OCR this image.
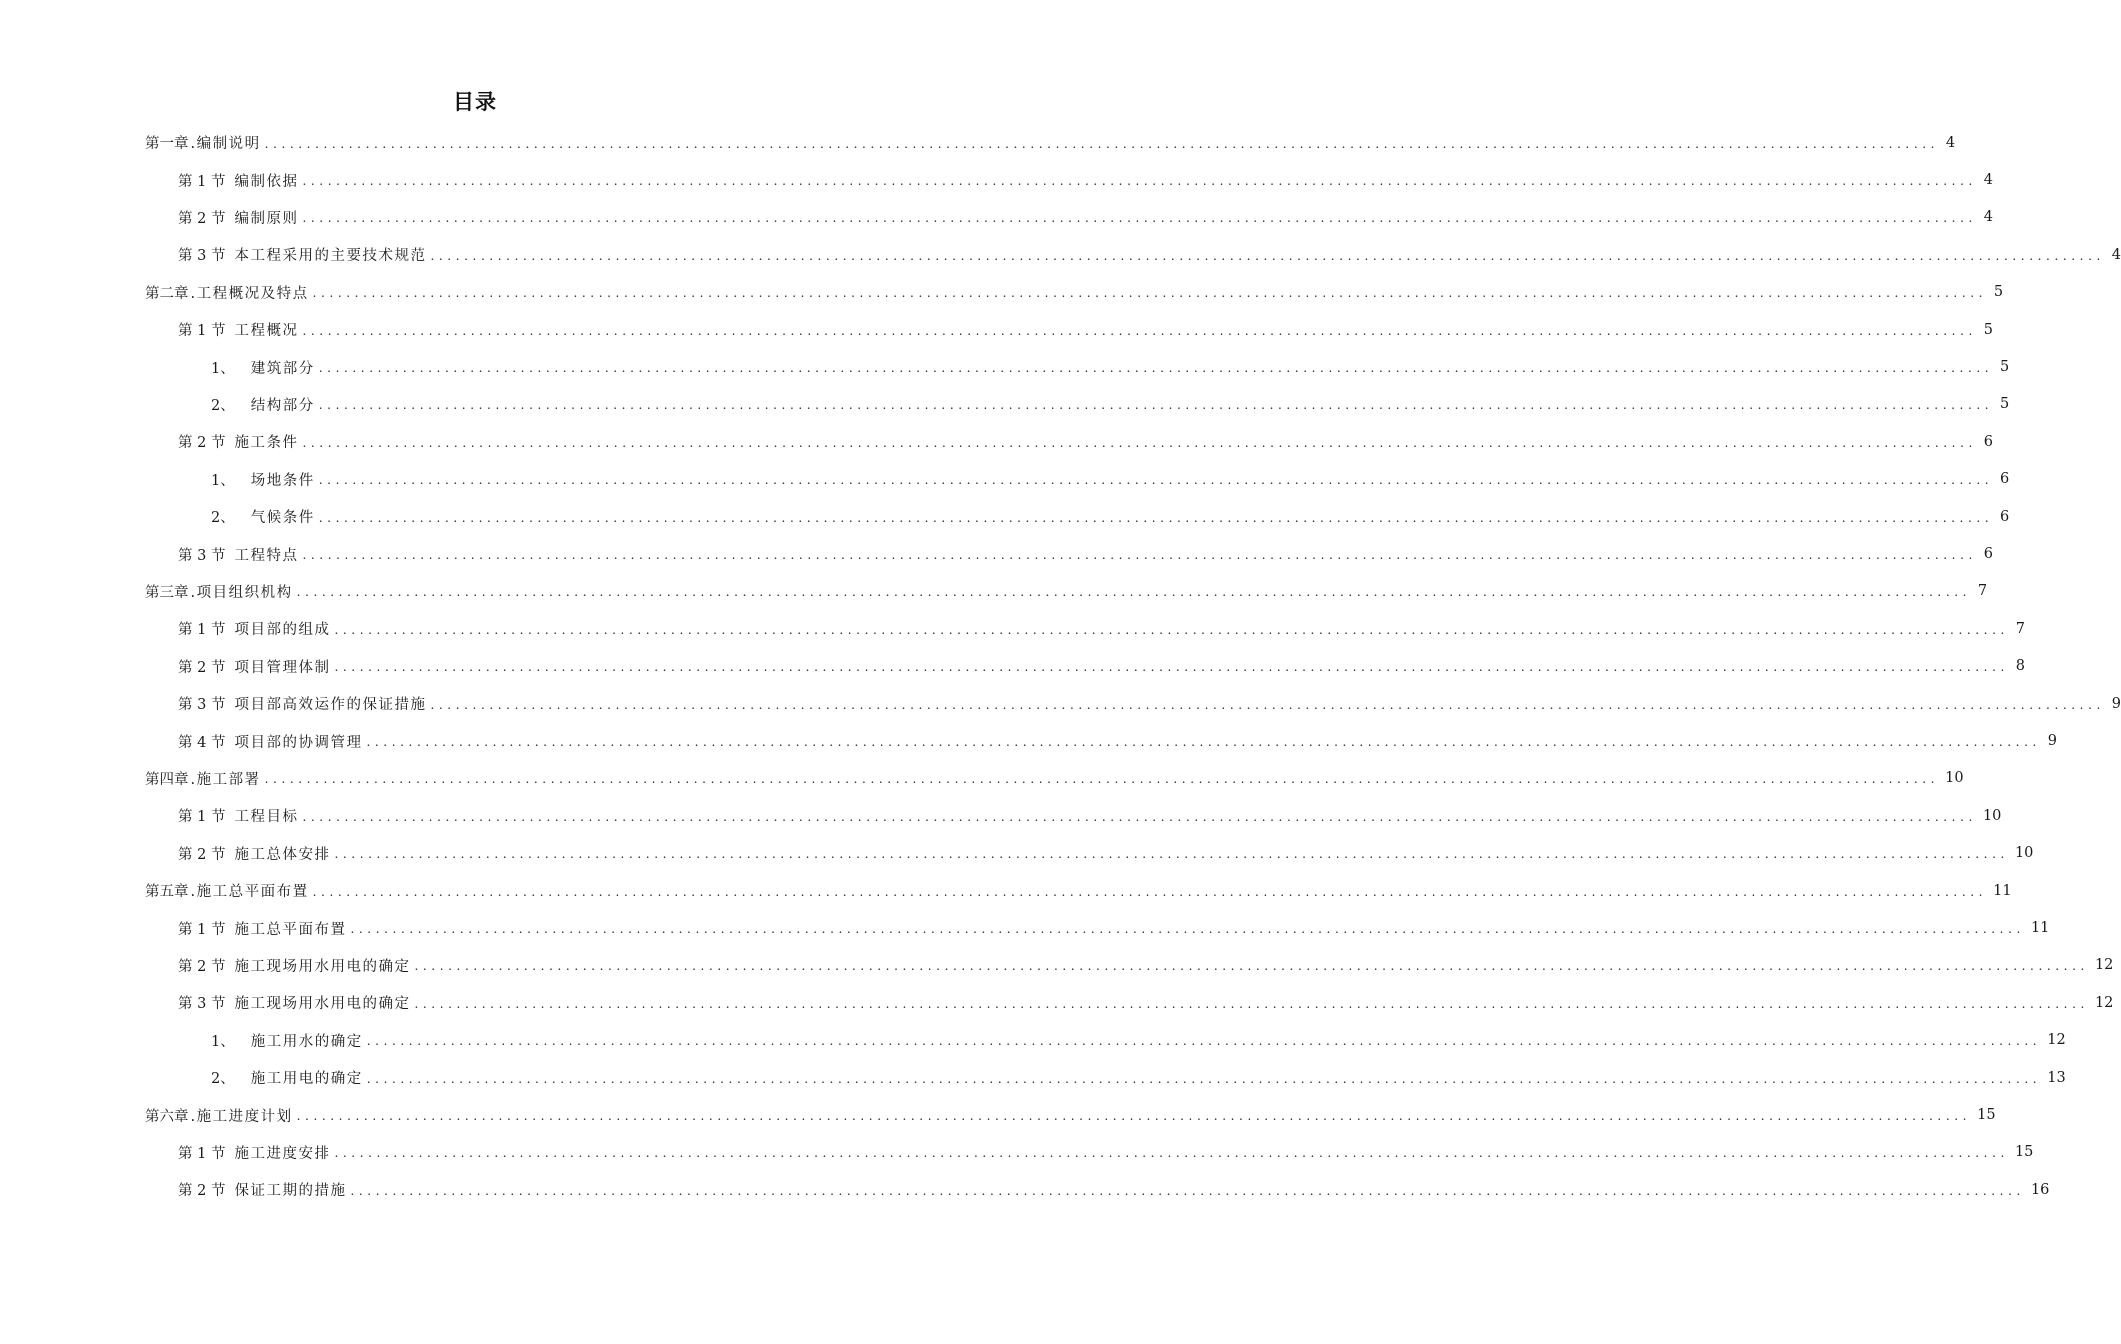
目录
第一章 .编制说明 ....................................................................................................................................................................................................... 4
第 1 节 编制依据 ....................................................................................................................................................................................................... 4
第 2 节 编制原则 ....................................................................................................................................................................................................... 4
第 3 节 本工程采用的主要技术规范 ....................................................................................................................................................................................................... 4
第二章 .工程概况及特点 ....................................................................................................................................................................................................... 5
第 1 节 工程概况 ....................................................................................................................................................................................................... 5
1、 建筑部分 ....................................................................................................................................................................................................... 5
2、 结构部分 ....................................................................................................................................................................................................... 5
第 2 节 施工条件 ....................................................................................................................................................................................................... 6
1、 场地条件 ....................................................................................................................................................................................................... 6
2、 气候条件 ....................................................................................................................................................................................................... 6
第 3 节 工程特点 ....................................................................................................................................................................................................... 6
第三章 .项目组织机构 ....................................................................................................................................................................................................... 7
第 1 节 项目部的组成 ....................................................................................................................................................................................................... 7
第 2 节 项目管理体制 ....................................................................................................................................................................................................... 8
第 3 节 项目部高效运作的保证措施 ....................................................................................................................................................................................................... 9
第 4 节 项目部的协调管理 ....................................................................................................................................................................................................... 9
第四章 .施工部署 ....................................................................................................................................................................................................... 10
第 1 节 工程目标 ....................................................................................................................................................................................................... 10
第 2 节 施工总体安排 ....................................................................................................................................................................................................... 10
第五章 .施工总平面布置 ....................................................................................................................................................................................................... 11
第 1 节 施工总平面布置 ....................................................................................................................................................................................................... 11
第 2 节 施工现场用水用电的确定 ....................................................................................................................................................................................................... 12
第 3 节 施工现场用水用电的确定 ....................................................................................................................................................................................................... 12
1、 施工用水的确定 ....................................................................................................................................................................................................... 12
2、 施工用电的确定 ....................................................................................................................................................................................................... 13
第六章 .施工进度计划 ....................................................................................................................................................................................................... 15
第 1 节 施工进度安排 ....................................................................................................................................................................................................... 15
第 2 节 保证工期的措施 ....................................................................................................................................................................................................... 16
